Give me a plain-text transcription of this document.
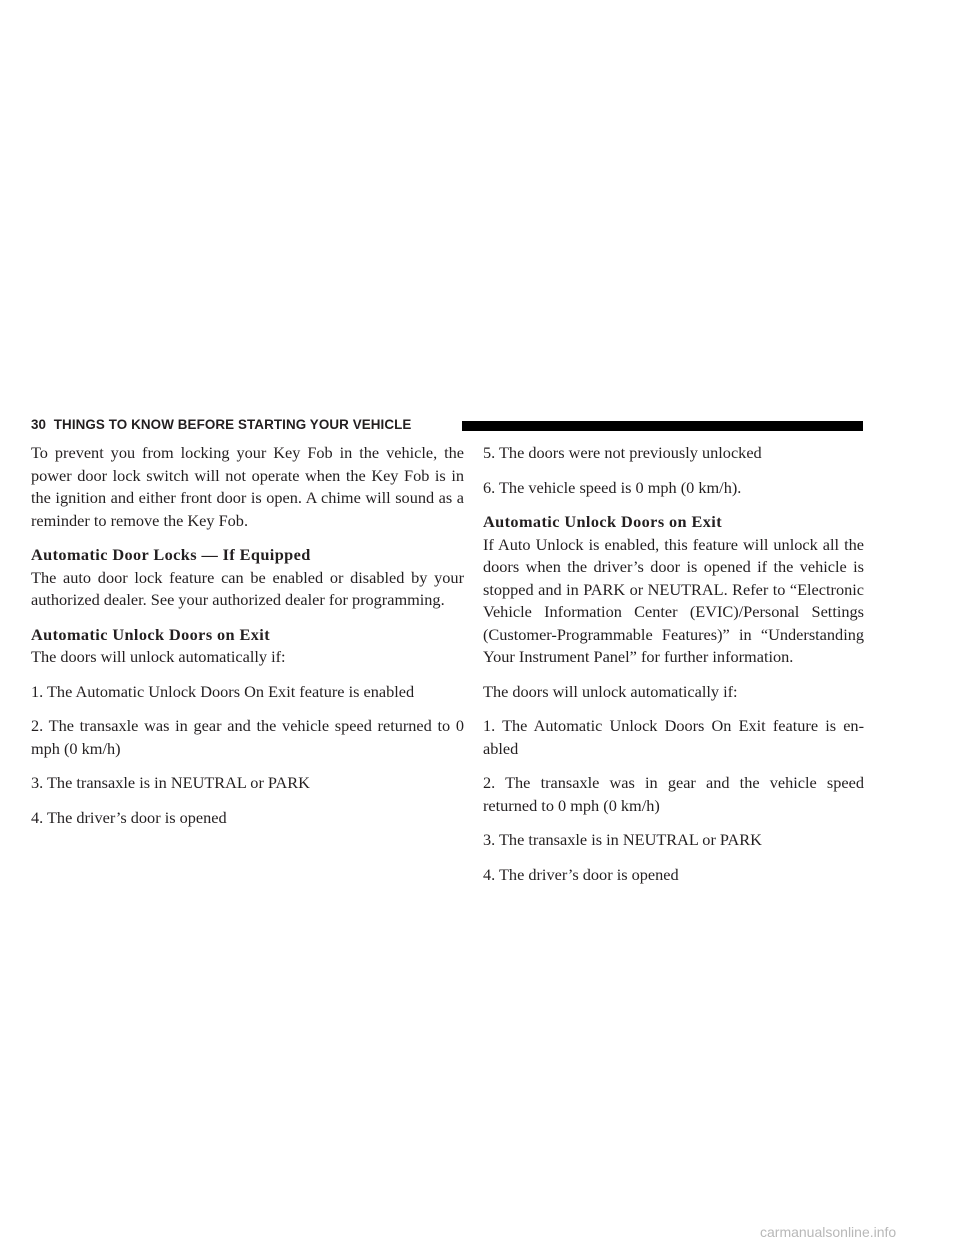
30 THINGS TO KNOW BEFORE STARTING YOUR VEHICLE

To prevent you from locking your Key Fob in the vehicle, the power door lock switch will not operate when the Key Fob is in the ignition and either front door is open. A chime will sound as a reminder to remove the Key Fob.

Automatic Door Locks — If Equipped

The auto door lock feature can be enabled or disabled by your authorized dealer. See your authorized dealer for programming.

Automatic Unlock Doors on Exit

The doors will unlock automatically if:

1. The Automatic Unlock Doors On Exit feature is enabled

2. The transaxle was in gear and the vehicle speed returned to 0 mph (0 km/h)

3. The transaxle is in NEUTRAL or PARK

4. The driver’s door is opened

5. The doors were not previously unlocked

6. The vehicle speed is 0 mph (0 km/h).

Automatic Unlock Doors on Exit

If Auto Unlock is enabled, this feature will unlock all the doors when the driver’s door is opened if the vehicle is stopped and in PARK or NEUTRAL. Refer to “Electronic Vehicle Information Center (EVIC)/Personal Settings (Customer-Programmable Features)” in “Understanding Your Instrument Panel” for further information.

The doors will unlock automatically if:

1. The Automatic Unlock Doors On Exit feature is enabled

2. The transaxle was in gear and the vehicle speed returned to 0 mph (0 km/h)

3. The transaxle is in NEUTRAL or PARK

4. The driver’s door is opened

carmanualsonline.info
